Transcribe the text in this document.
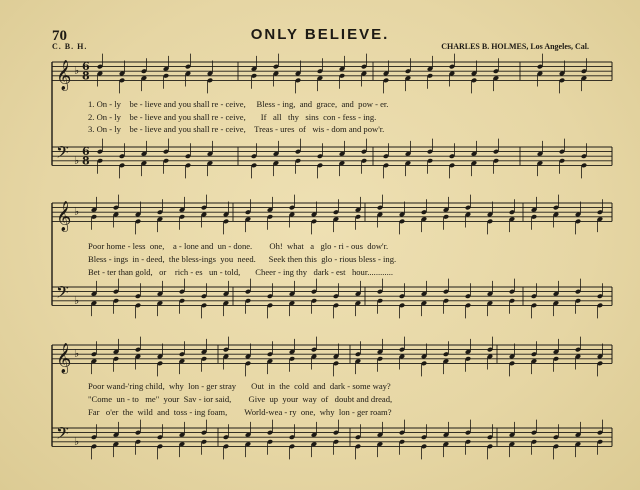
70	ONLY BELIEVE.
C. B. H.	CHARLES B. HOLMES, Los Angeles, Cal.
𝄞
𝄢
♭
♭
6
6
8
8
𝄞
𝄢
♭
♭
𝄞
𝄢
♭
♭
1. On - ly    be - lieve and you shall re - ceive,     Bless - ing,  and  grace,  and  pow - er.
2. On - ly    be - lieve and you shall re - ceive,       If   all   thy   sins  con - fess - ing.
3. On - ly    be - lieve and you shall re - ceive,    Treas - ures  of   wis - dom and pow'r.
Poor home - less  one,    a - lone and  un - done.        Oh!  what   a   glo - ri - ous  dow'r.
Bless - ings  in - deed,  the bless-ings  you  need.      Seek then this  glo - rious bless - ing.
Bet - ter than gold,   or    rich - es   un - told,       Cheer - ing thy   dark - est   hour............
Poor wand-'ring child,  why  lon - ger stray       Out  in  the  cold  and  dark - some way?
"Come  un - to   me"  your  Sav - ior said,        Give  up  your  way  of   doubt and dread,
Far   o'er  the  wild  and  toss - ing foam,        World-wea - ry  one,  why  lon - ger roam?
